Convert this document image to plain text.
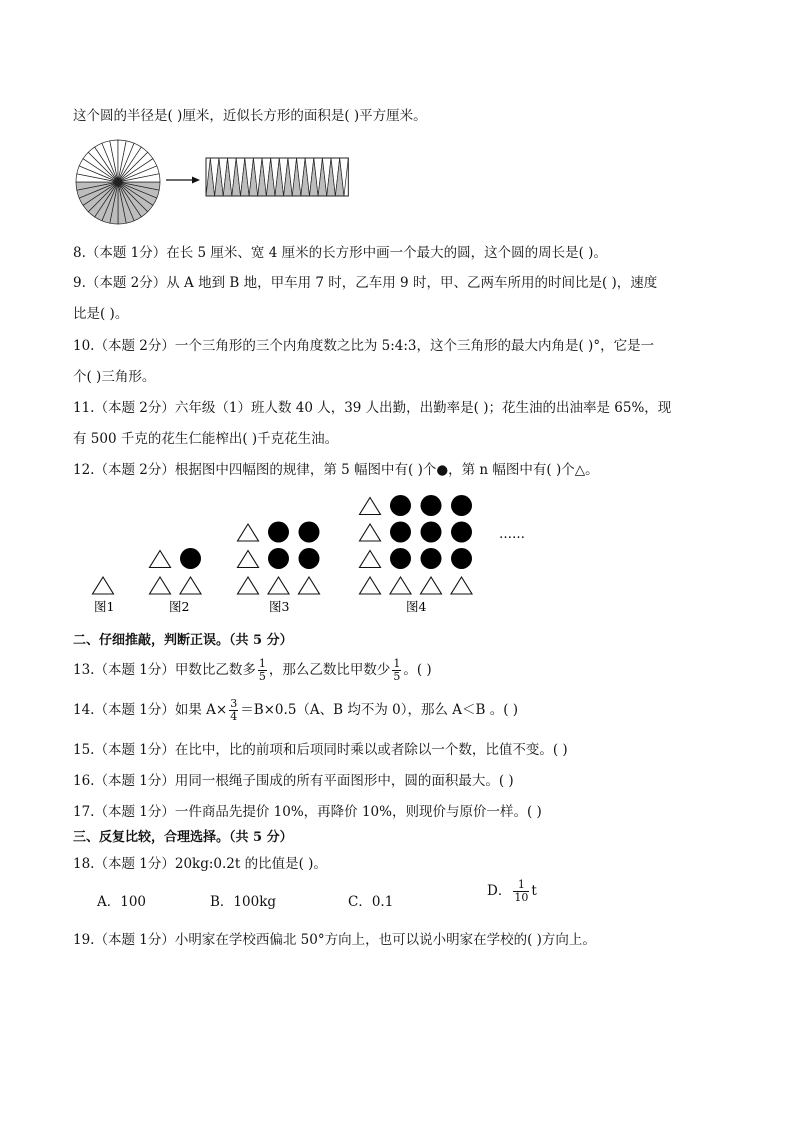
这个圆的半径是( )厘米，近似长方形的面积是( )平方厘米。
8.（本题 1分）在长 5 厘米、宽 4 厘米的长方形中画一个最大的圆，这个圆的周长是( )。
9.（本题 2分）从 A 地到 B 地，甲车用 7 时，乙车用 9 时，甲、乙两车所用的时间比是( )，速度
比是( )。
10.（本题 2分）一个三角形的三个内角度数之比为 5:4:3，这个三角形的最大内角是( )°，它是一
个( )三角形。
11.（本题 2分）六年级（1）班人数 40 人，39 人出勤，出勤率是( )；花生油的出油率是 65%，现
有 500 千克的花生仁能榨出( )千克花生油。
12.（本题 2分）根据图中四幅图的规律，第 5 幅图中有( )个●，第 n 幅图中有( )个△。
图1	图2	图3	图4
……
二、仔细推敲，判断正误。（共 5 分）
13.（本题 1分）甲数比乙数多 $\frac{1}{5}$ ，那么乙数比甲数少 $\frac{1}{5}$ 。( )
14.（本题 1分）如果 $A\times \frac{3}{4} =B\times 0.5(A$、B 均不为 0），那么 A＜B 。( )
15.（本题 1分）在比中，比的前项和后项同时乘以或者除以一个数，比值不变。( )
16.（本题 1分）用同一根绳子围成的所有平面图形中，圆的面积最大。( )
17.（本题 1分）一件商品先提价 10%，再降价 10%，则现价与原价一样。( )
三、反复比较，合理选择。（共 5 分）
18.（本题 1分）20kg:0.2t 的比值是( )。
A．100	B．100kg	C．0.1
D． $\frac{1}{10}$ t
19.（本题 1分）小明家在学校西偏北 50°方向上，也可以说小明家在学校的( )方向上。
